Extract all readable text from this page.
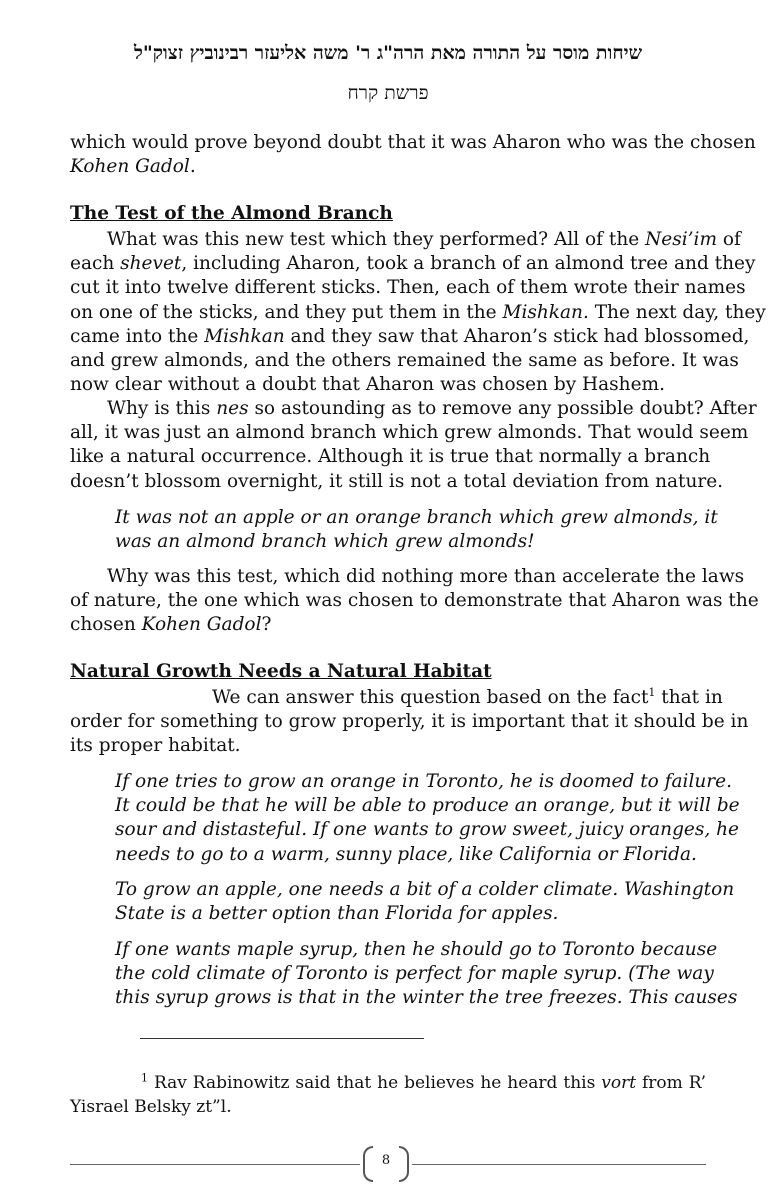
שיחות מוסר על התורה מאת הרה"ג ר' משה אליעזר רבינוביץ זצוק"ל
פרשת קרח
which would prove beyond doubt that it was Aharon who was the chosen
Kohen Gadol.
The Test of the Almond Branch
What was this new test which they performed? All of the Nesi’im of
each shevet, including Aharon, took a branch of an almond tree and they
cut it into twelve different sticks. Then, each of them wrote their names
on one of the sticks, and they put them in the Mishkan. The next day, they
came into the Mishkan and they saw that Aharon’s stick had blossomed,
and grew almonds, and the others remained the same as before. It was
now clear without a doubt that Aharon was chosen by Hashem.
Why is this nes so astounding as to remove any possible doubt? After
all, it was just an almond branch which grew almonds. That would seem
like a natural occurrence. Although it is true that normally a branch
doesn’t blossom overnight, it still is not a total deviation from nature.
It was not an apple or an orange branch which grew almonds, it
was an almond branch which grew almonds!
Why was this test, which did nothing more than accelerate the laws
of nature, the one which was chosen to demonstrate that Aharon was the
chosen Kohen Gadol?
Natural Growth Needs a Natural Habitat
We can answer this question based on the fact$^1$ that in
order for something to grow properly, it is important that it should be in
its proper habitat.
If one tries to grow an orange in Toronto, he is doomed to failure.
It could be that he will be able to produce an orange, but it will be
sour and distasteful. If one wants to grow sweet, juicy oranges, he
needs to go to a warm, sunny place, like California or Florida.
To grow an apple, one needs a bit of a colder climate. Washington
State is a better option than Florida for apples.
If one wants maple syrup, then he should go to Toronto because
the cold climate of Toronto is perfect for maple syrup. (The way
this syrup grows is that in the winter the tree freezes. This causes
$^1$ Rav Rabinowitz said that he believes he heard this vort from R’
Yisrael Belsky zt”l.
8
